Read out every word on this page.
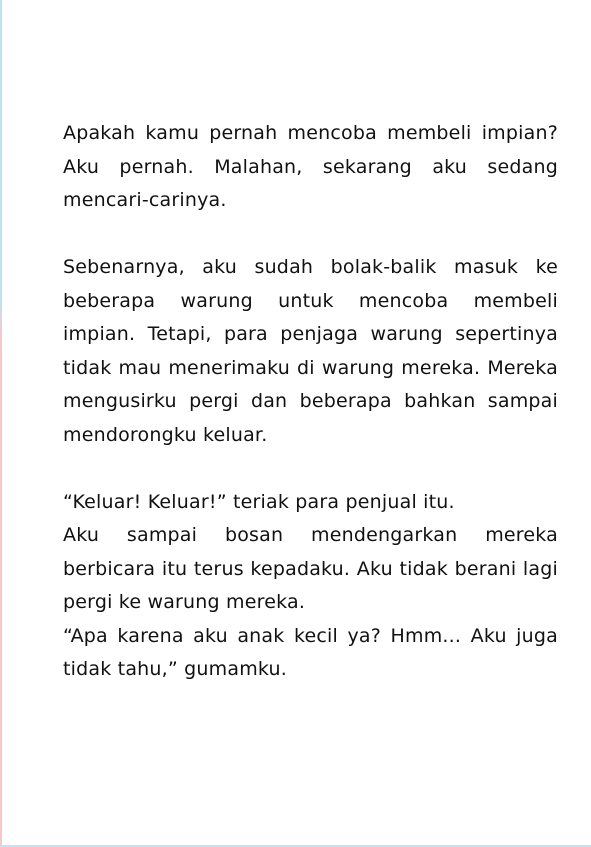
Apakah kamu pernah mencoba membeli impian? Aku pernah. Malahan, sekarang aku sedang mencari-carinya.

Sebenarnya, aku sudah bolak-balik masuk ke beberapa warung untuk mencoba membeli impian. Tetapi, para penjaga warung sepertinya tidak mau menerimaku di warung mereka. Mereka mengusirku pergi dan beberapa bahkan sampai mendorongku keluar.

“Keluar! Keluar!” teriak para penjual itu.

Aku sampai bosan mendengarkan mereka berbicara itu terus kepadaku. Aku tidak berani lagi pergi ke warung mereka.

“Apa karena aku anak kecil ya? Hmm... Aku juga tidak tahu,” gumamku.
